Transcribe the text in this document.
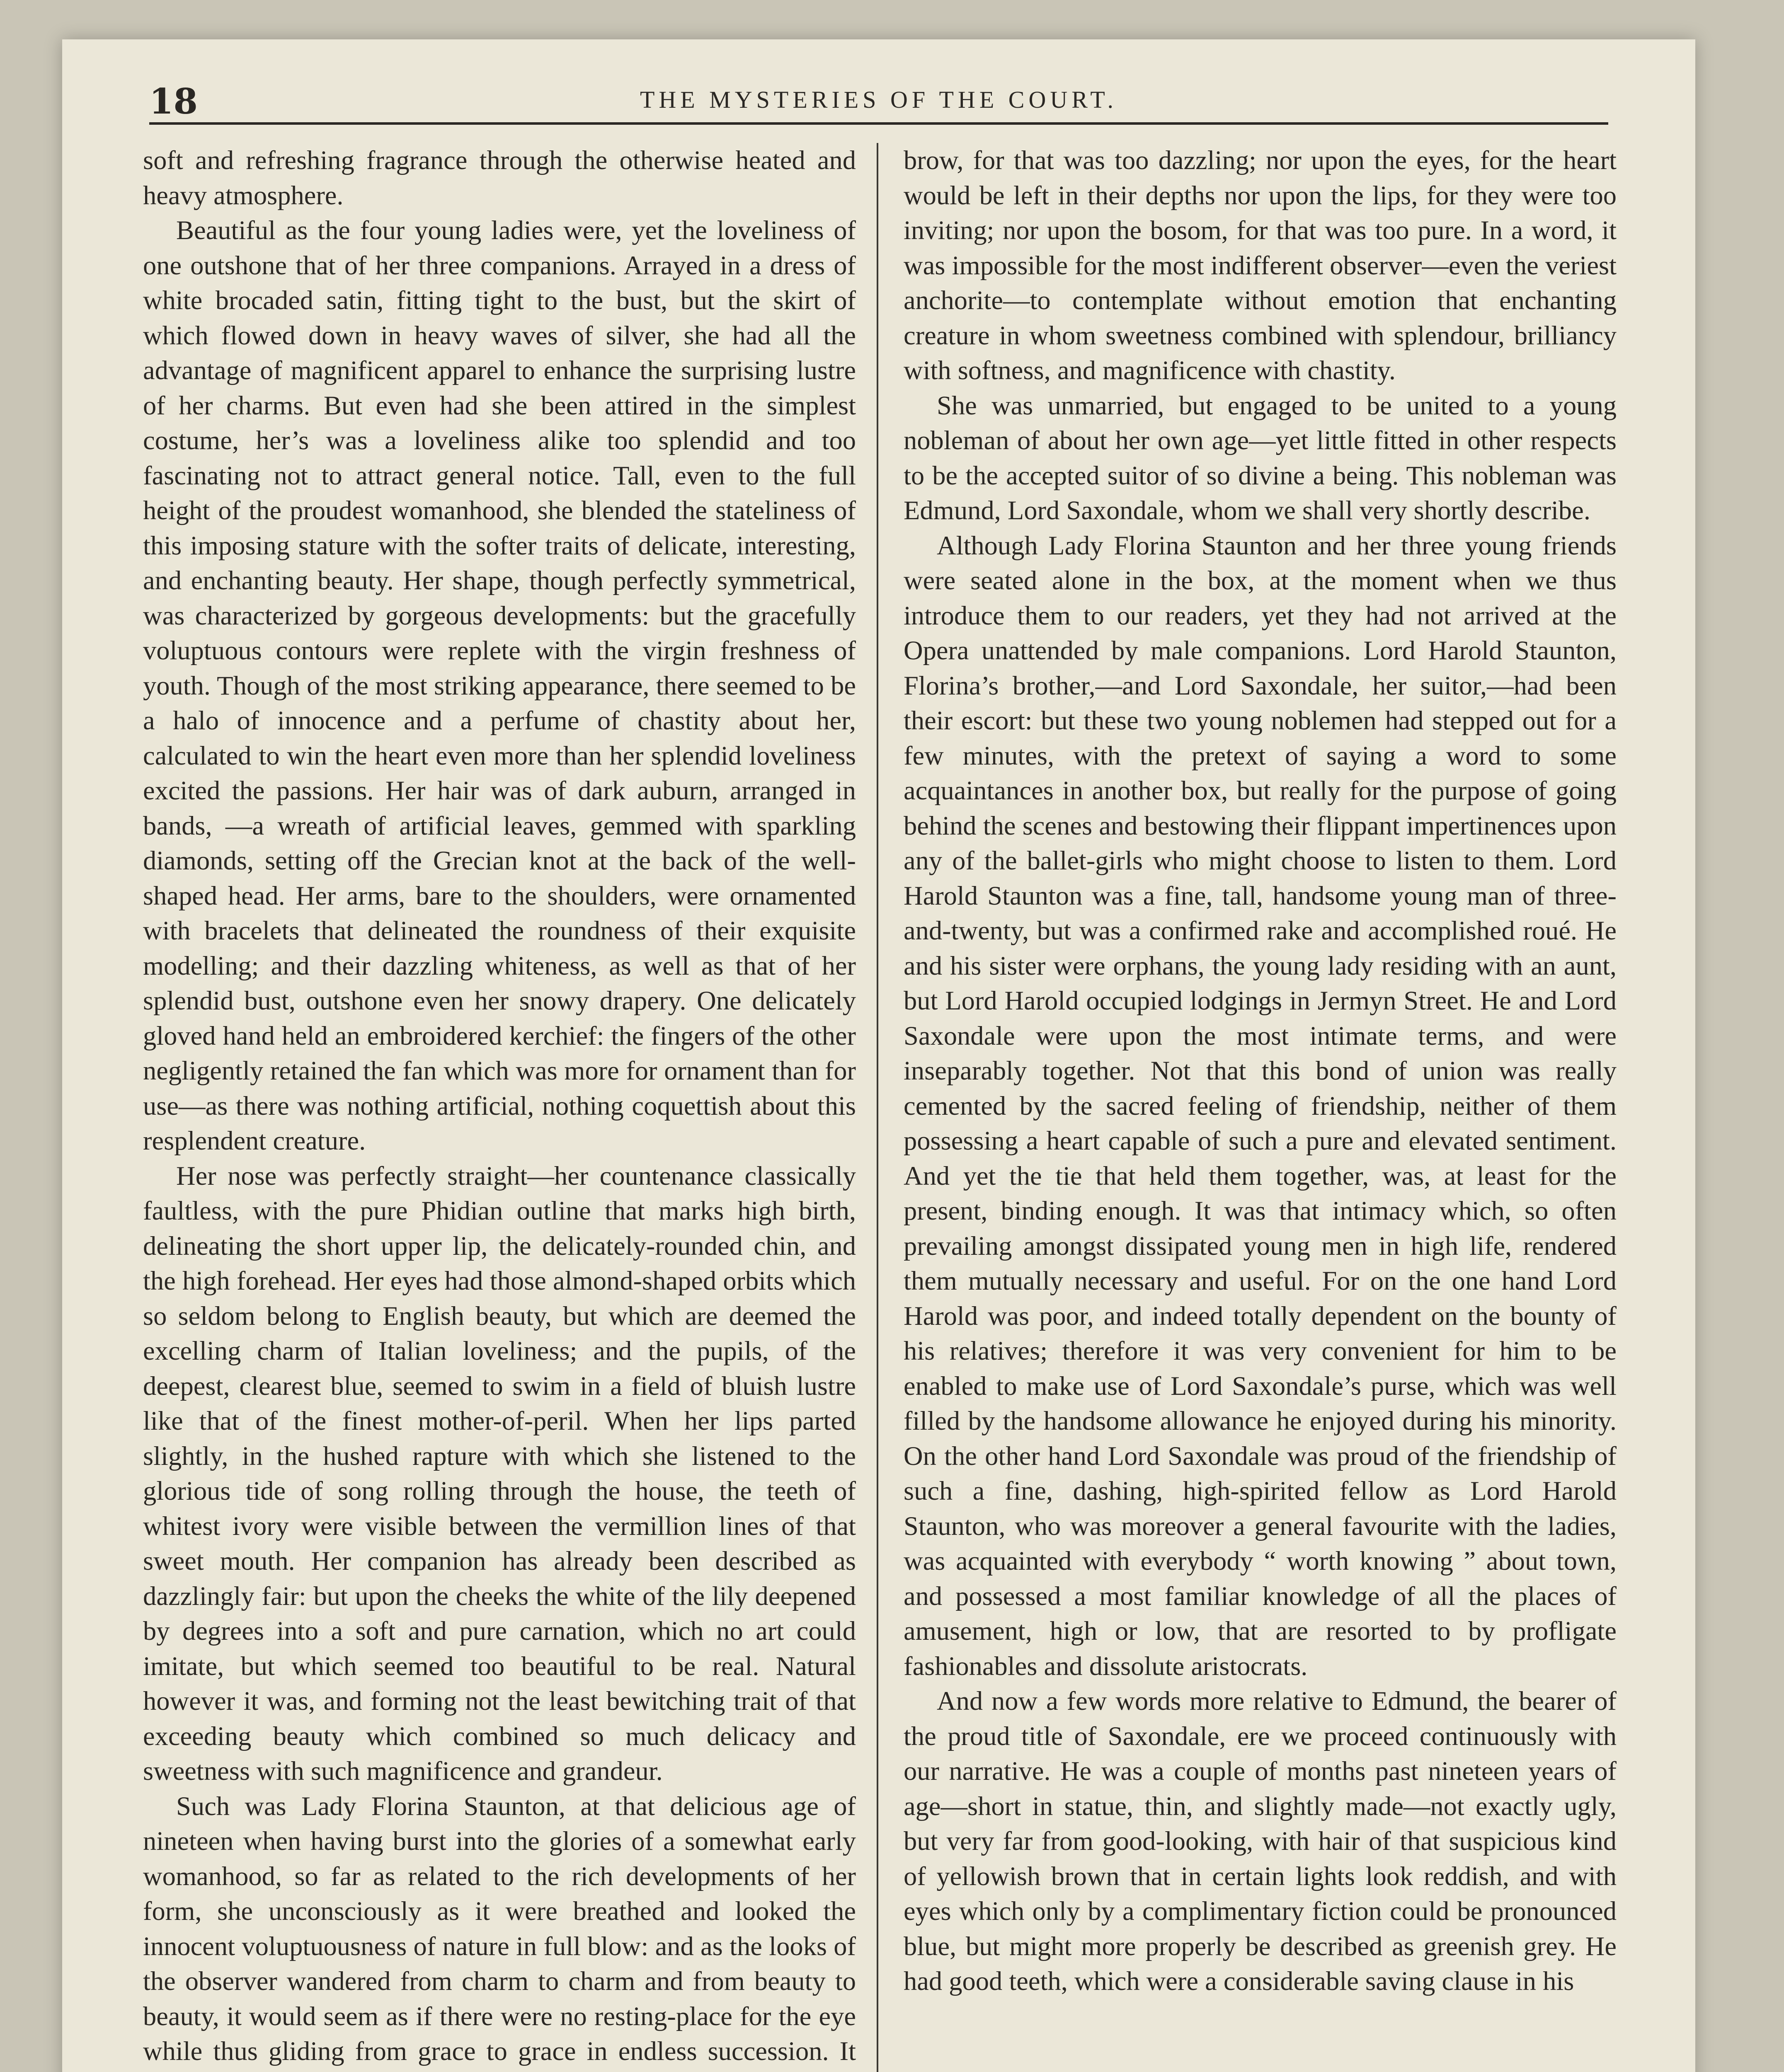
18	THE MYSTERIES OF THE COURT.

soft and refreshing fragrance through the otherwise heated and heavy atmosphere.

Beautiful as the four young ladies were, yet the loveliness of one outshone that of her three companions. Arrayed in a dress of white brocaded satin, fitting tight to the bust, but the skirt of which flowed down in heavy waves of silver, she had all the advantage of magnificent apparel to enhance the surprising lustre of her charms. But even had she been attired in the simplest costume, her’s was a loveliness alike too splendid and too fascinating not to attract general notice. Tall, even to the full height of the proudest womanhood, she blended the stateliness of this imposing stature with the softer traits of delicate, interesting, and enchanting beauty. Her shape, though perfectly symmetrical, was characterized by gorgeous developments: but the gracefully voluptuous contours were replete with the virgin freshness of youth. Though of the most striking appearance, there seemed to be a halo of innocence and a perfume of chastity about her, calculated to win the heart even more than her splendid loveliness excited the passions. Her hair was of dark auburn, arranged in bands, —a wreath of artificial leaves, gemmed with sparkling diamonds, setting off the Grecian knot at the back of the well-shaped head. Her arms, bare to the shoulders, were ornamented with bracelets that delineated the roundness of their exquisite modelling; and their dazzling whiteness, as well as that of her splendid bust, outshone even her snowy drapery. One delicately gloved hand held an embroidered kerchief: the fingers of the other negligently retained the fan which was more for ornament than for use—as there was nothing artificial, nothing coquettish about this resplendent creature.

Her nose was perfectly straight—her countenance classically faultless, with the pure Phidian outline that marks high birth, delineating the short upper lip, the delicately-rounded chin, and the high forehead. Her eyes had those almond-shaped orbits which so seldom belong to English beauty, but which are deemed the excelling charm of Italian loveliness; and the pupils, of the deepest, clearest blue, seemed to swim in a field of bluish lustre like that of the finest mother-of-peril. When her lips parted slightly, in the hushed rapture with which she listened to the glorious tide of song rolling through the house, the teeth of whitest ivory were visible between the vermillion lines of that sweet mouth. Her companion has already been described as dazzlingly fair: but upon the cheeks the white of the lily deepened by degrees into a soft and pure carnation, which no art could imitate, but which seemed too beautiful to be real. Natural however it was, and forming not the least bewitching trait of that exceeding beauty which combined so much delicacy and sweetness with such magnificence and grandeur.

Such was Lady Florina Staunton, at that delicious age of nineteen when having burst into the glories of a somewhat early womanhood, so far as related to the rich developments of her form, she unconsciously as it were breathed and looked the innocent voluptuousness of nature in full blow: and as the looks of the observer wandered from charm to charm and from beauty to beauty, it would seem as if there were no resting-place for the eye while thus gliding from grace to grace in endless succession. It

brow, for that was too dazzling; nor upon the eyes, for the heart would be left in their depths nor upon the lips, for they were too inviting; nor upon the bosom, for that was too pure. In a word, it was impossible for the most indifferent observer—even the veriest anchorite—to contemplate without emotion that enchanting creature in whom sweetness combined with splendour, brilliancy with softness, and magnificence with chastity.

She was unmarried, but engaged to be united to a young nobleman of about her own age—yet little fitted in other respects to be the accepted suitor of so divine a being. This nobleman was Edmund, Lord Saxondale, whom we shall very shortly describe.

Although Lady Florina Staunton and her three young friends were seated alone in the box, at the moment when we thus introduce them to our readers, yet they had not arrived at the Opera unattended by male companions. Lord Harold Staunton, Florina’s brother,—and Lord Saxondale, her suitor,—had been their escort: but these two young noblemen had stepped out for a few minutes, with the pretext of saying a word to some acquaintances in another box, but really for the purpose of going behind the scenes and bestowing their flippant impertinences upon any of the ballet-girls who might choose to listen to them. Lord Harold Staunton was a fine, tall, handsome young man of three-and-twenty, but was a confirmed rake and accomplished roué. He and his sister were orphans, the young lady residing with an aunt, but Lord Harold occupied lodgings in Jermyn Street. He and Lord Saxondale were upon the most intimate terms, and were inseparably together. Not that this bond of union was really cemented by the sacred feeling of friendship, neither of them possessing a heart capable of such a pure and elevated sentiment. And yet the tie that held them together, was, at least for the present, binding enough. It was that intimacy which, so often prevailing amongst dissipated young men in high life, rendered them mutually necessary and useful. For on the one hand Lord Harold was poor, and indeed totally dependent on the bounty of his relatives; therefore it was very convenient for him to be enabled to make use of Lord Saxondale’s purse, which was well filled by the handsome allowance he enjoyed during his minority. On the other hand Lord Saxondale was proud of the friendship of such a fine, dashing, high-spirited fellow as Lord Harold Staunton, who was moreover a general favourite with the ladies, was acquainted with everybody “ worth knowing ” about town, and possessed a most familiar knowledge of all the places of amusement, high or low, that are resorted to by profligate fashionables and dissolute aristocrats.

And now a few words more relative to Edmund, the bearer of the proud title of Saxondale, ere we proceed continuously with our narrative. He was a couple of months past nineteen years of age—short in statue, thin, and slightly made—not exactly ugly, but very far from good-looking, with hair of that suspicious kind of yellowish brown that in certain lights look reddish, and with eyes which only by a complimentary fiction could be pronounced blue, but might more properly be described as greenish grey. He had good teeth, which were a considerable saving clause in his
